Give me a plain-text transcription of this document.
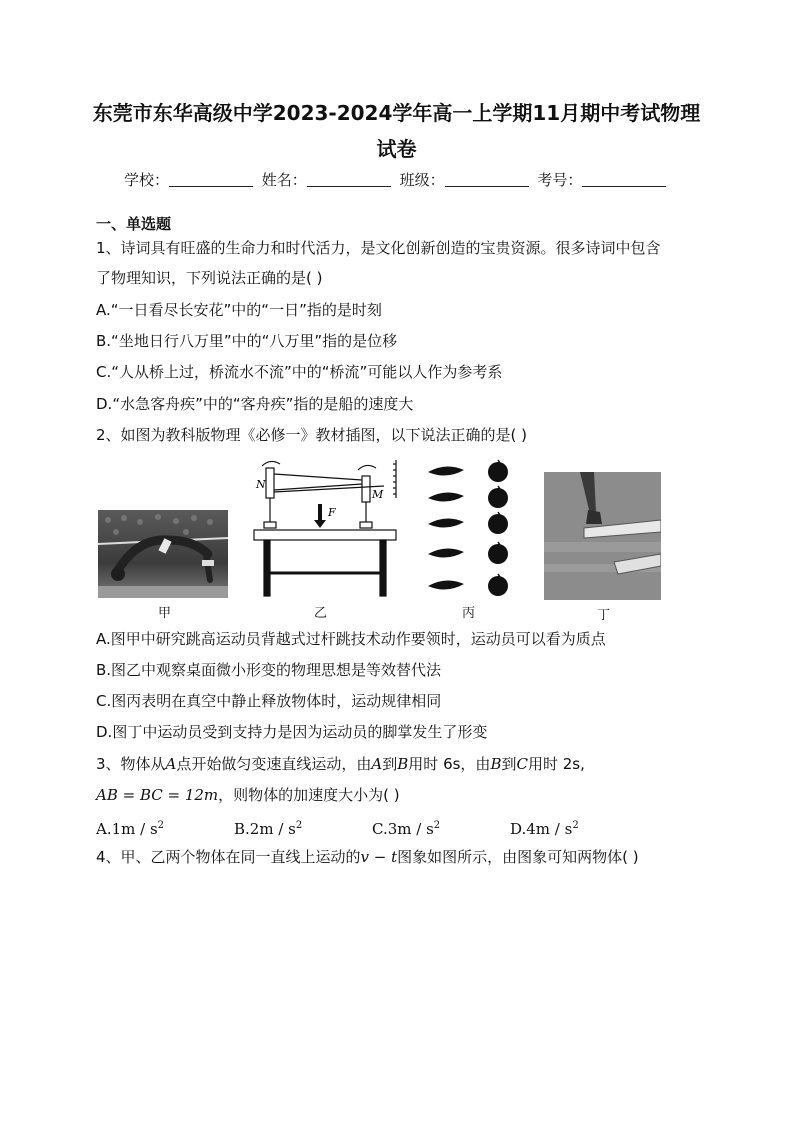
东莞市东华高级中学2023-2024学年高一上学期11月期中考试物理
试卷
学校：	姓名：	班级：	考号：
一、单选题
1、诗词具有旺盛的生命力和时代活力，是文化创新创造的宝贵资源。很多诗词中包含
了物理知识，下列说法正确的是( )
A.“一日看尽长安花”中的“一日”指的是时刻
B.“坐地日行八万里”中的“八万里”指的是位移
C.“人从桥上过，桥流水不流”中的“桥流”可能以人作为参考系
D.“水急客舟疾”中的“客舟疾”指的是船的速度大
2、如图为教科版物理《必修一》教材插图，以下说法正确的是( )
甲
N
M
F
乙	丙	丁
A.图甲中研究跳高运动员背越式过杆跳技术动作要领时，运动员可以看为质点
B.图乙中观察桌面微小形变的物理思想是等效替代法
C.图丙表明在真空中静止释放物体时，运动规律相同
D.图丁中运动员受到支持力是因为运动员的脚掌发生了形变
3、物体从A点开始做匀变速直线运动，由A到B用时 6s，由B到C用时 2s,
AB = BC = 12m，则物体的加速度大小为( )
$A.1m / s^2$	$B.2m / s^2$	$C.3m / s^2$	$D.4m / s^2$
4、甲、乙两个物体在同一直线上运动的v − t图象如图所示，由图象可知两物体( )
